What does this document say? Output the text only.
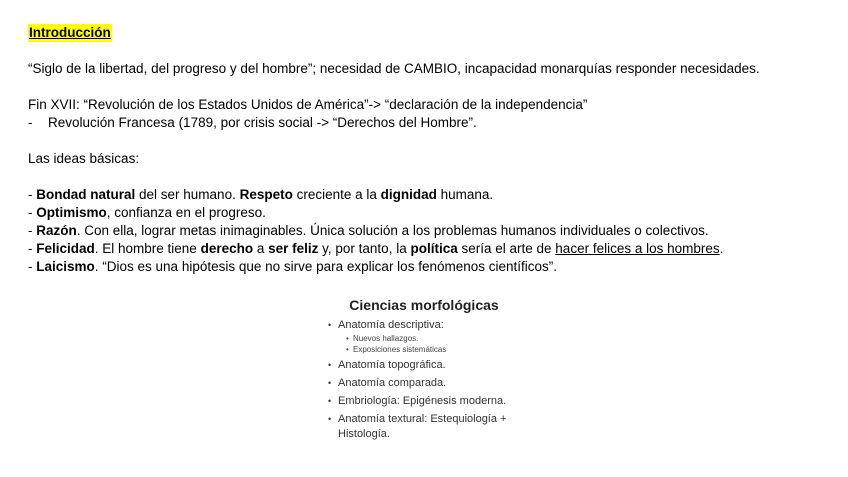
Introducción
“Siglo de la libertad, del progreso y del hombre”; necesidad de CAMBIO, incapacidad monarquías responder necesidades.
Fin XVII: “Revolución de los Estados Unidos de América”-> “declaración de la independencia”
-	Revolución Francesa (1789, por crisis social -> “Derechos del Hombre”.
Las ideas básicas:
- Bondad natural del ser humano. Respeto creciente a la dignidad humana.
- Optimismo, confianza en el progreso.
- Razón. Con ella, lograr metas inimaginables. Única solución a los problemas humanos individuales o colectivos.
- Felicidad. El hombre tiene derecho a ser feliz y, por tanto, la política sería el arte de hacer felices a los hombres.
- Laicismo. “Dios es una hipótesis que no sirve para explicar los fenómenos científicos”.
Ciencias morfológicas
• Anatomía descriptiva:
• Nuevos hallazgos.
• Exposiciones sistemáticas
• Anatomía topográfica.
• Anatomía comparada.
• Embriología: Epigénesis moderna.
• Anatomía textural: Estequiología +
Histología.
